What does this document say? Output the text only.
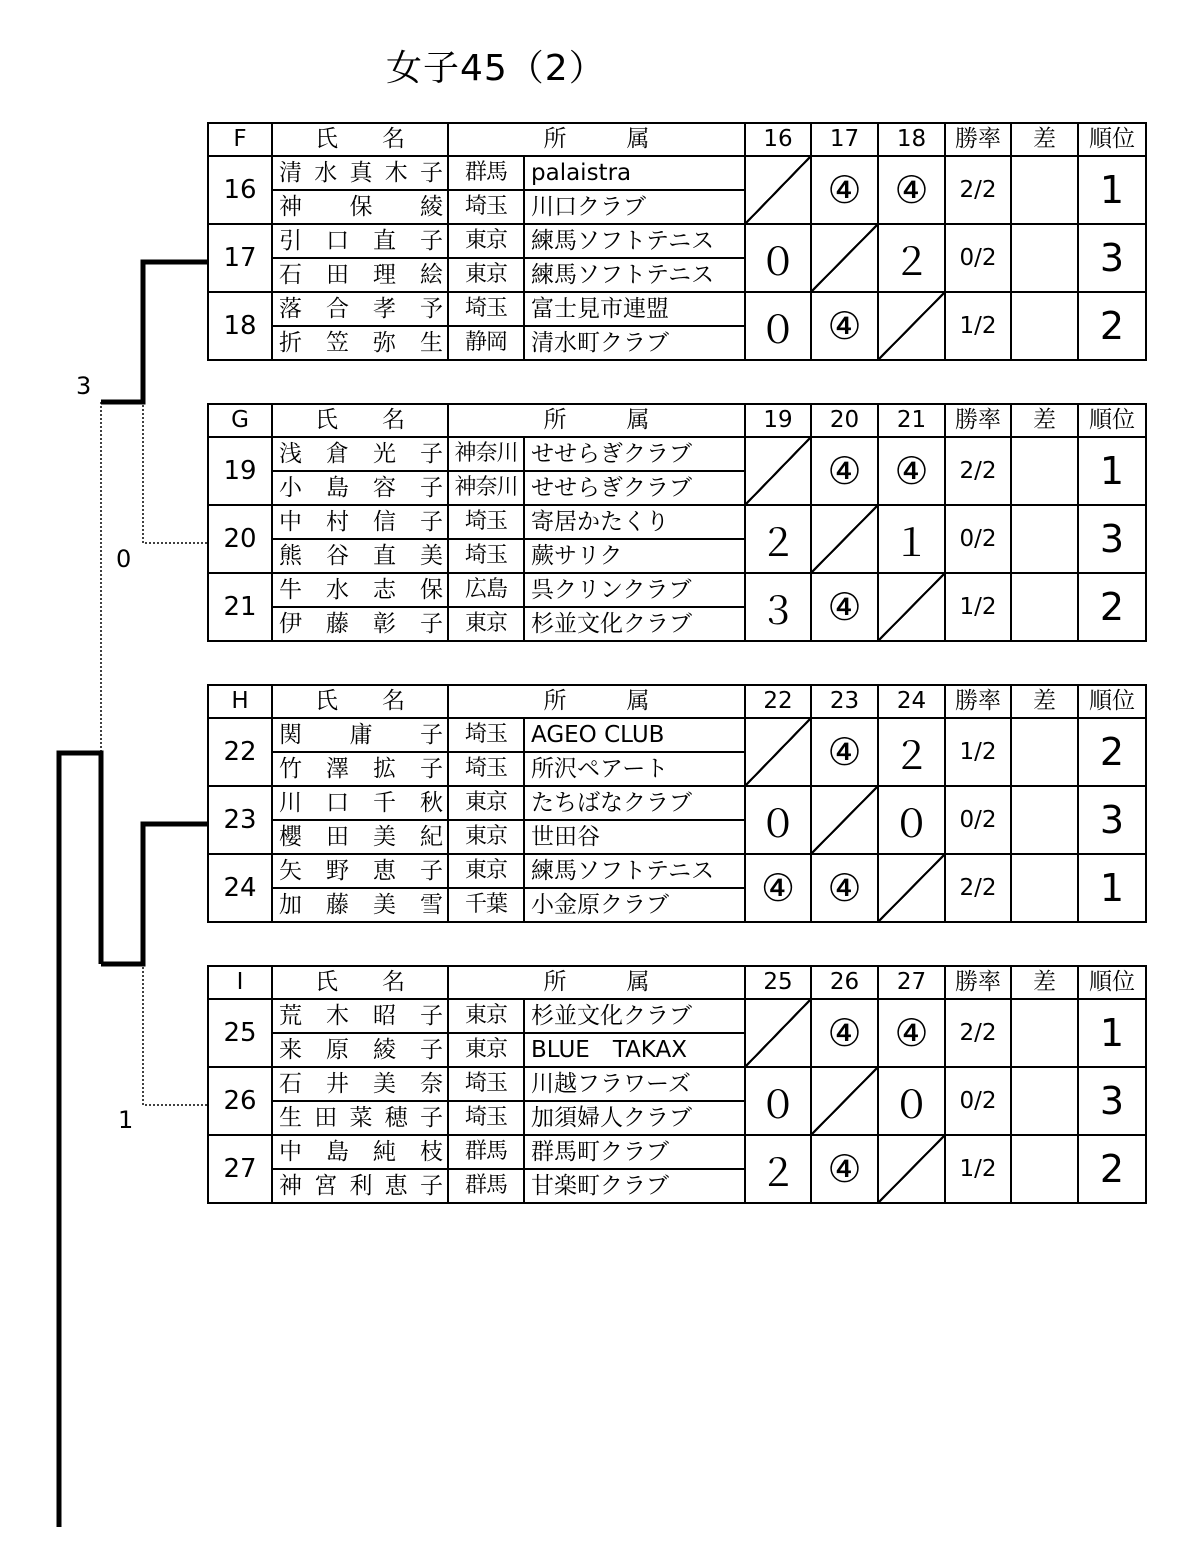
女子45（2）
3
0
1
F	氏 名	所 属		16	17	18	勝率	差	順位
16	清 水 真 木 子	群馬	palaistra		④	④	2/2		1

	神 保 綾	埼玉	川口クラブ						
17	引 口 直 子	東京	練馬ソフトテニス	０		２	0/2		3

	石 田 理 絵	東京	練馬ソフトテニス						
18	落 合 孝 予	埼玉	富士見市連盟	０	④		1/2		2

	折 笠 弥 生	静岡	清水町クラブ						
G	氏 名	所 属		19	20	21	勝率	差	順位
19	浅 倉 光 子	神奈川	せせらぎクラブ		④	④	2/2		1

	小 島 容 子	神奈川	せせらぎクラブ						
20	中 村 信 子	埼玉	寄居かたくり	２		１	0/2		3

	熊 谷 直 美	埼玉	蕨サリク						
21	牛 水 志 保	広島	呉クリンクラブ	３	④		1/2		2

	伊 藤 彰 子	東京	杉並文化クラブ						
H	氏 名	所 属		22	23	24	勝率	差	順位
22	関 庸 子	埼玉	AGEO CLUB		④	２	1/2		2

	竹 澤 拡 子	埼玉	所沢ペアート						
23	川 口 千 秋	東京	たちばなクラブ	０		０	0/2		3

	櫻 田 美 紀	東京	世田谷						
24	矢 野 恵 子	東京	練馬ソフトテニス	④	④		2/2		1

	加 藤 美 雪	千葉	小金原クラブ						
I	氏 名	所 属		25	26	27	勝率	差	順位
25	荒 木 昭 子	東京	杉並文化クラブ		④	④	2/2		1

	来 原 綾 子	東京	BLUE　TAKAX						
26	石 井 美 奈	埼玉	川越フラワーズ	０		０	0/2		3

	生 田 菜 穂 子	埼玉	加須婦人クラブ						
27	中 島 純 枝	群馬	群馬町クラブ	２	④		1/2		2

	神 宮 利 恵 子	群馬	甘楽町クラブ						
